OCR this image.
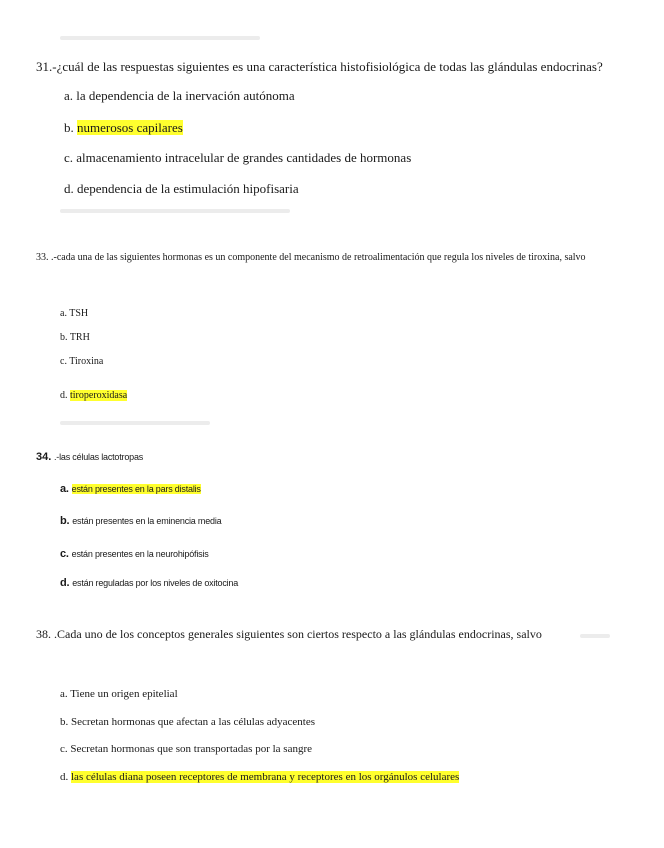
31.-¿cuál de las respuestas siguientes es una característica histofisiológica de todas las glándulas endocrinas?
a. la dependencia de la inervación autónoma
b. numerosos capilares
c. almacenamiento intracelular de grandes cantidades de hormonas
d. dependencia de la estimulación hipofisaria
33. .-cada una de las siguientes hormonas es un componente del mecanismo de retroalimentación que regula los niveles de tiroxina, salvo
a. TSH
b. TRH
c. Tiroxina
d. tiroperoxidasa
34. .-las células lactotropas
a. están presentes en la pars distalis
b. están presentes en la eminencia media
c. están presentes en la neurohipófisis
d. están reguladas por los niveles de oxitocina
38. .Cada uno de los conceptos generales siguientes son ciertos respecto a las glándulas endocrinas, salvo
a. Tiene un origen epitelial
b. Secretan hormonas que afectan a las células adyacentes
c. Secretan hormonas que son transportadas por la sangre
d. las células diana poseen receptores de membrana y receptores en los orgánulos celulares
